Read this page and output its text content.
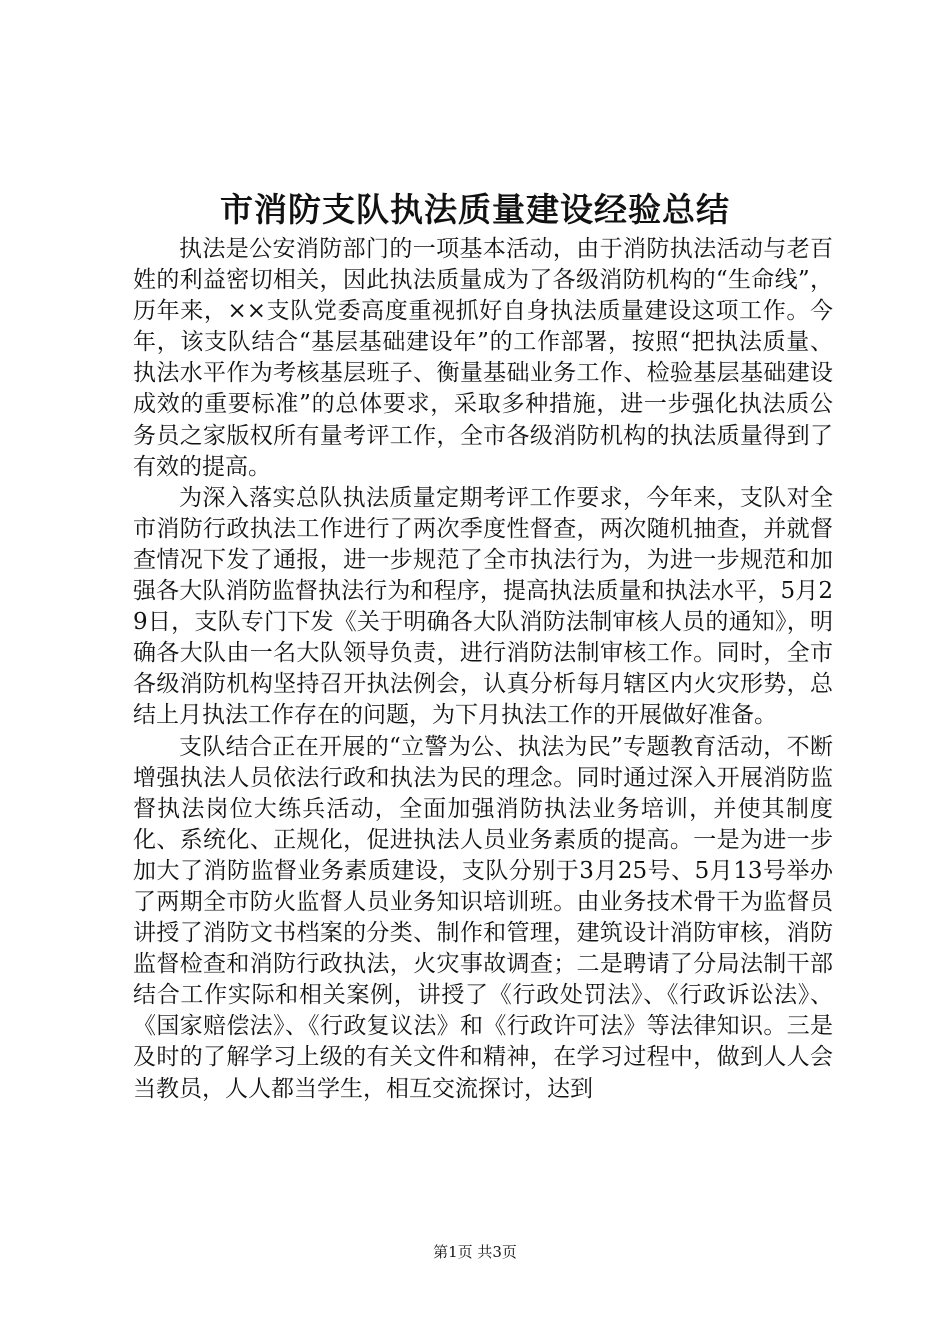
市消防支队执法质量建设经验总结

执法是公安消防部门的一项基本活动，由于消防执法活动与老百姓的利益密切相关，因此执法质量成为了各级消防机构的“生命线”，历年来，××支队党委高度重视抓好自身执法质量建设这项工作。今年，该支队结合“基层基础建设年”的工作部署，按照“把执法质量、执法水平作为考核基层班子、衡量基础业务工作、检验基层基础建设成效的重要标准”的总体要求，采取多种措施，进一步强化执法质公务员之家版权所有量考评工作，全市各级消防机构的执法质量得到了有效的提高。

为深入落实总队执法质量定期考评工作要求，今年来，支队对全市消防行政执法工作进行了两次季度性督查，两次随机抽查，并就督查情况下发了通报，进一步规范了全市执法行为，为进一步规范和加强各大队消防监督执法行为和程序，提高执法质量和执法水平，5月29日，支队专门下发《关于明确各大队消防法制审核人员的通知》，明确各大队由一名大队领导负责，进行消防法制审核工作。同时，全市各级消防机构坚持召开执法例会，认真分析每月辖区内火灾形势，总结上月执法工作存在的问题，为下月执法工作的开展做好准备。

支队结合正在开展的“立警为公、执法为民”专题教育活动，不断增强执法人员依法行政和执法为民的理念。同时通过深入开展消防监督执法岗位大练兵活动，全面加强消防执法业务培训，并使其制度化、系统化、正规化，促进执法人员业务素质的提高。一是为进一步加大了消防监督业务素质建设，支队分别于3月25号、5月13号举办了两期全市防火监督人员业务知识培训班。由业务技术骨干为监督员讲授了消防文书档案的分类、制作和管理，建筑设计消防审核，消防监督检查和消防行政执法，火灾事故调查；二是聘请了分局法制干部结合工作实际和相关案例，讲授了《行政处罚法》、《行政诉讼法》、《国家赔偿法》、《行政复议法》和《行政许可法》等法律知识。三是及时的了解学习上级的有关文件和精神，在学习过程中，做到人人会当教员，人人都当学生，相互交流探讨，达到

第1页 共3页
